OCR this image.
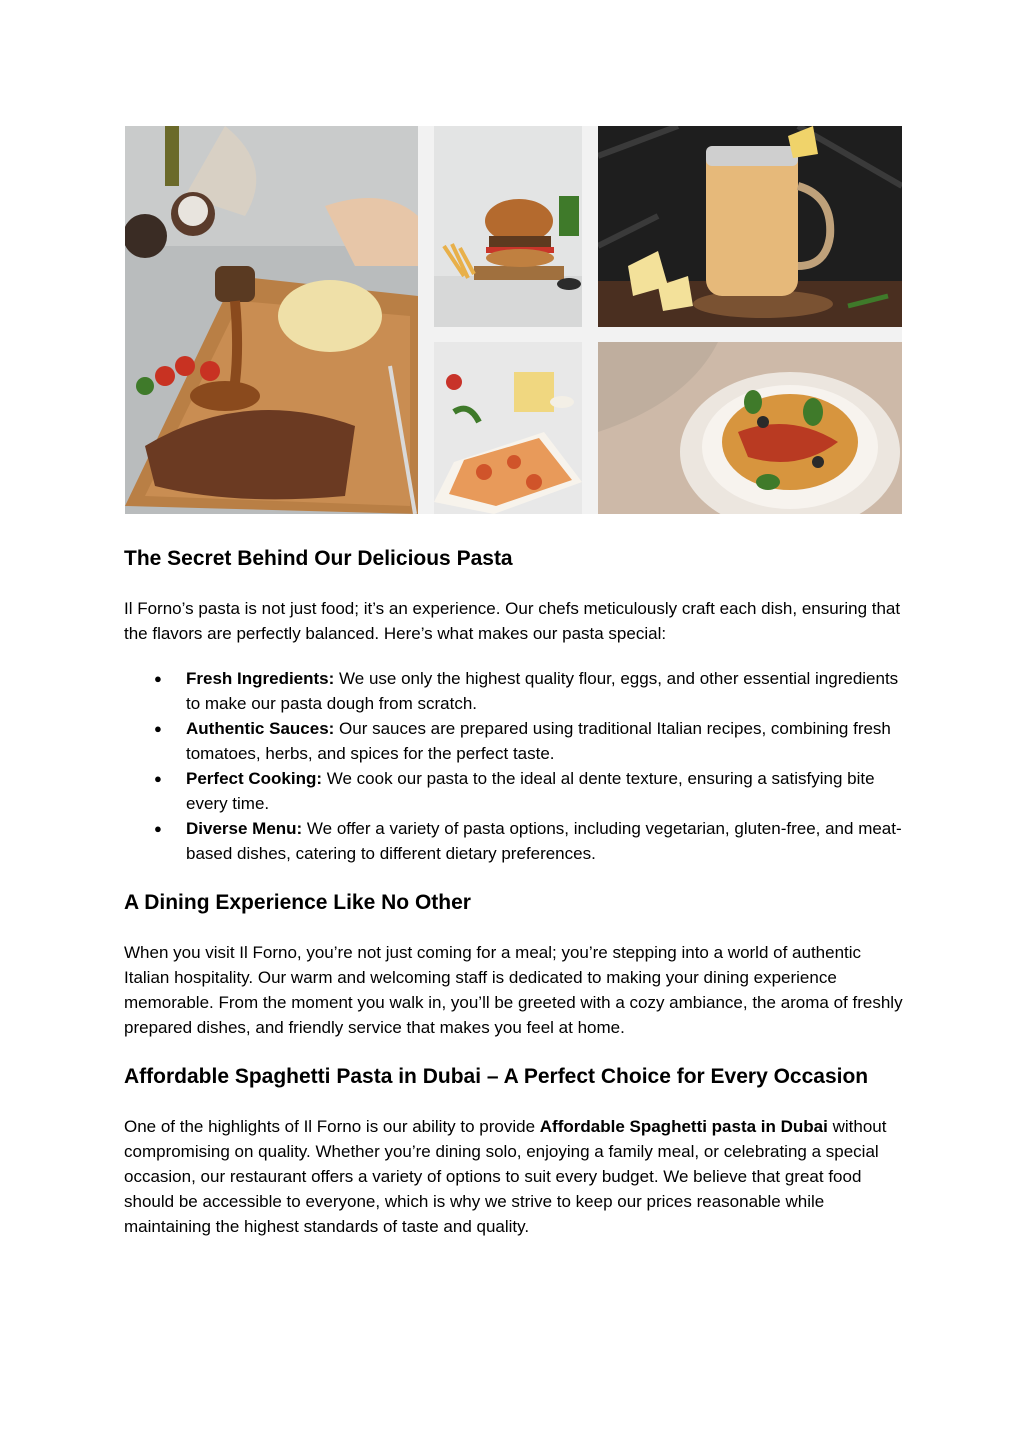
The Secret Behind Our Delicious Pasta

Il Forno’s pasta is not just food; it’s an experience. Our chefs meticulously craft each dish, ensuring that the flavors are perfectly balanced. Here’s what makes our pasta special:

● Fresh Ingredients: We use only the highest quality flour, eggs, and other essential ingredients to make our pasta dough from scratch.
● Authentic Sauces: Our sauces are prepared using traditional Italian recipes, combining fresh tomatoes, herbs, and spices for the perfect taste.
● Perfect Cooking: We cook our pasta to the ideal al dente texture, ensuring a satisfying bite every time.
● Diverse Menu: We offer a variety of pasta options, including vegetarian, gluten-free, and meat-based dishes, catering to different dietary preferences.
A Dining Experience Like No Other

When you visit Il Forno, you’re not just coming for a meal; you’re stepping into a world of authentic Italian hospitality. Our warm and welcoming staff is dedicated to making your dining experience memorable. From the moment you walk in, you’ll be greeted with a cozy ambiance, the aroma of freshly prepared dishes, and friendly service that makes you feel at home.

Affordable Spaghetti Pasta in Dubai – A Perfect Choice for Every Occasion

One of the highlights of Il Forno is our ability to provide Affordable Spaghetti pasta in Dubai without compromising on quality. Whether you’re dining solo, enjoying a family meal, or celebrating a special occasion, our restaurant offers a variety of options to suit every budget. We believe that great food should be accessible to everyone, which is why we strive to keep our prices reasonable while maintaining the highest standards of taste and quality.
